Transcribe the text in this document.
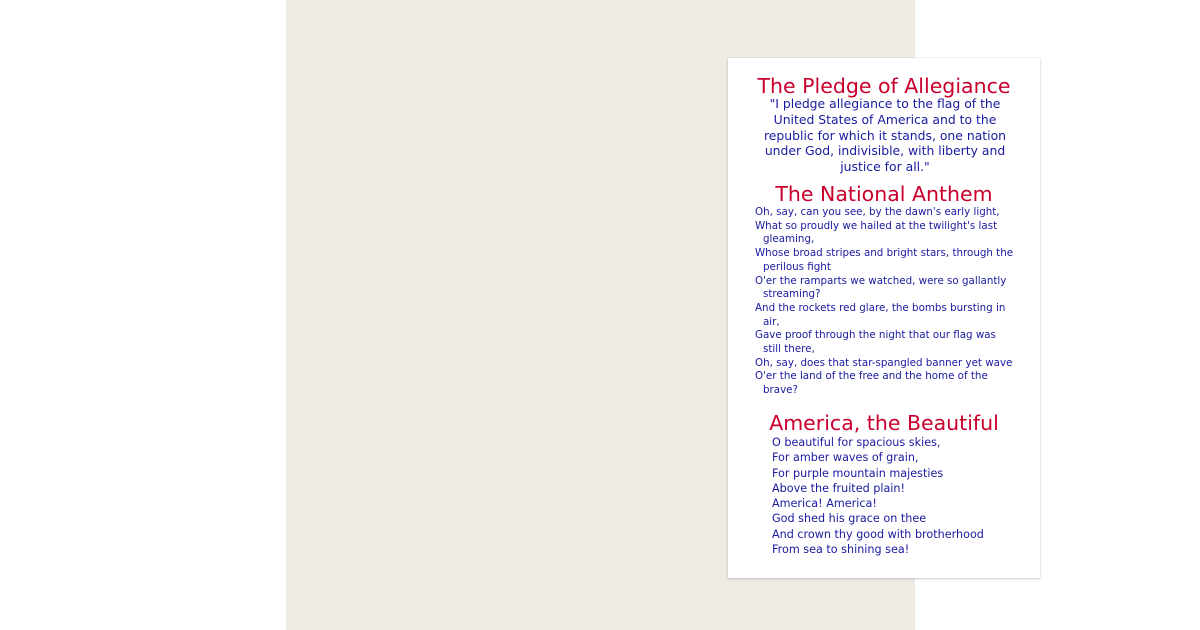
The Pledge of Allegiance
"I pledge allegiance to the flag of the United States of America and to the republic for which it stands, one nation under God, indivisible, with liberty and justice for all."
The National Anthem
Oh, say, can you see, by the dawn's early light,
What so proudly we hailed at the twilight's last gleaming,
Whose broad stripes and bright stars, through the perilous fight
O'er the ramparts we watched, were so gallantly streaming?
And the rockets red glare, the bombs bursting in air,
Gave proof through the night that our flag was still there,
Oh, say, does that star-spangled banner yet wave
O'er the land of the free and the home of the brave?
America, the Beautiful
O beautiful for spacious skies,
For amber waves of grain,
For purple mountain majesties
Above the fruited plain!
America! America!
God shed his grace on thee
And crown thy good with brotherhood
From sea to shining sea!
